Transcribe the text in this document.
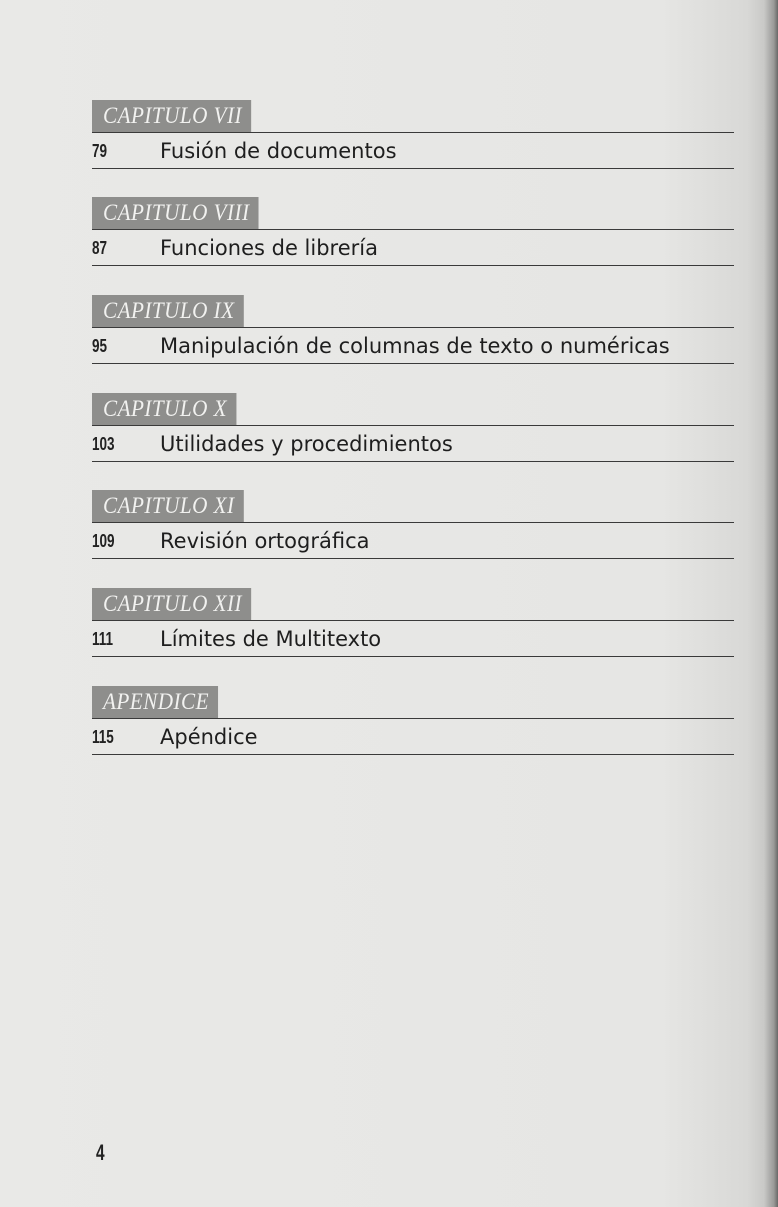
CAPITULO VII
79	Fusión de documentos
CAPITULO VIII
87	Funciones de librería
CAPITULO IX
95	Manipulación de columnas de texto o numéricas
CAPITULO X
103 Utilidades y procedimientos
CAPITULO XI
109 Revisión ortográfica
CAPITULO XII
111 Límites de Multitexto
APENDICE
115 Apéndice
4
